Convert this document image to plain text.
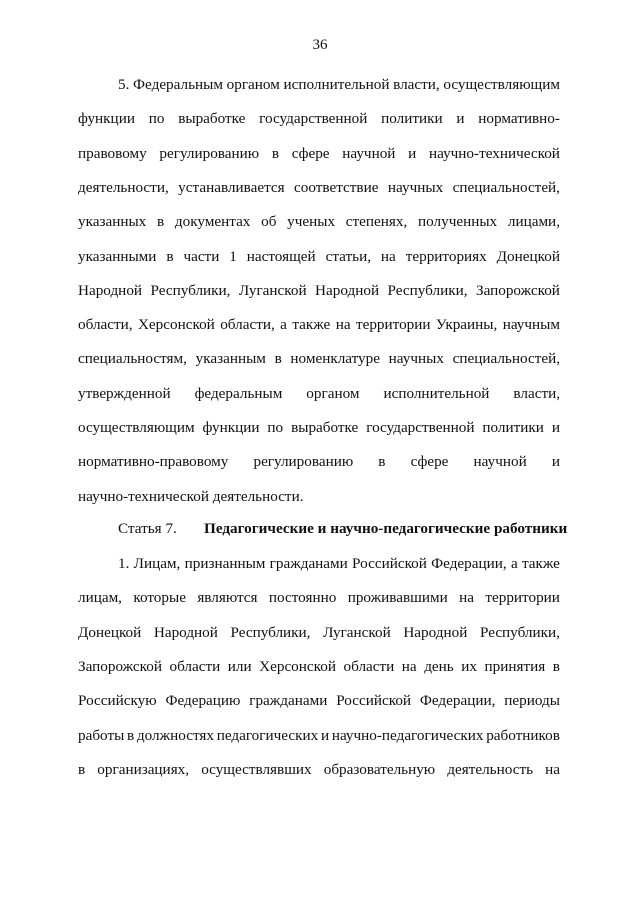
36
5. Федеральным органом исполнительной власти, осуществляющим
функции по выработке государственной политики и нормативно-
правовому регулированию в сфере научной и научно-технической
деятельности, устанавливается соответствие научных специальностей,
указанных в документах об ученых степенях, полученных лицами,
указанными в части 1 настоящей статьи, на территориях Донецкой
Народной Республики, Луганской Народной Республики, Запорожской
области, Херсонской области, а также на территории Украины, научным
специальностям, указанным в номенклатуре научных специальностей,
утвержденной федеральным органом исполнительной власти,
осуществляющим функции по выработке государственной политики и
нормативно-правовому регулированию в сфере научной и
научно-технической деятельности.
Статья 7. Педагогические и научно-педагогические работники
1. Лицам, признанным гражданами Российской Федерации, а также
лицам, которые являются постоянно проживавшими на территории
Донецкой Народной Республики, Луганской Народной Республики,
Запорожской области или Херсонской области на день их принятия в
Российскую Федерацию гражданами Российской Федерации, периоды
работы в должностях педагогических и научно-педагогических работников
в организациях, осуществлявших образовательную деятельность на
